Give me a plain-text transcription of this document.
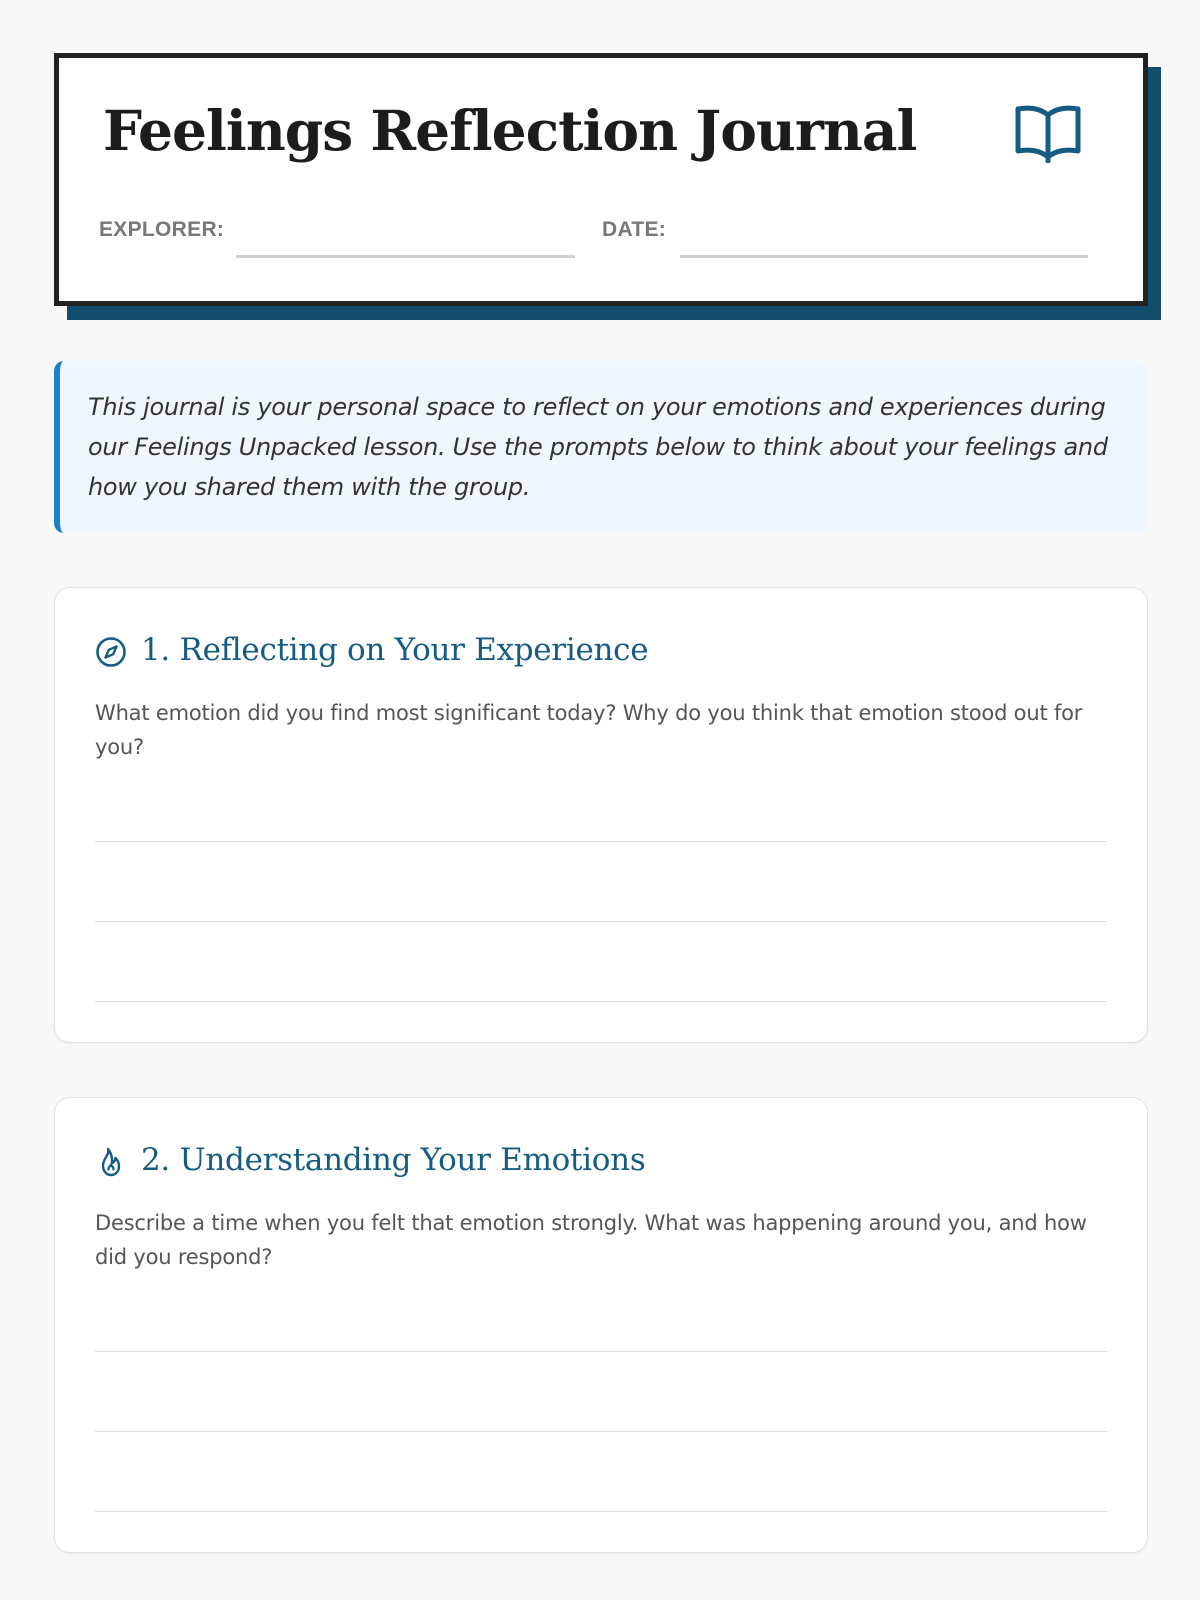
Feelings Reflection Journal
EXPLORER:	DATE:
This journal is your personal space to reflect on your emotions and experiences during our Feelings Unpacked lesson. Use the prompts below to think about your feelings and how you shared them with the group.
1. Reflecting on Your Experience

What emotion did you find most significant today? Why do you think that emotion stood out for you?

2. Understanding Your Emotions

Describe a time when you felt that emotion strongly. What was happening around you, and how did you respond?
